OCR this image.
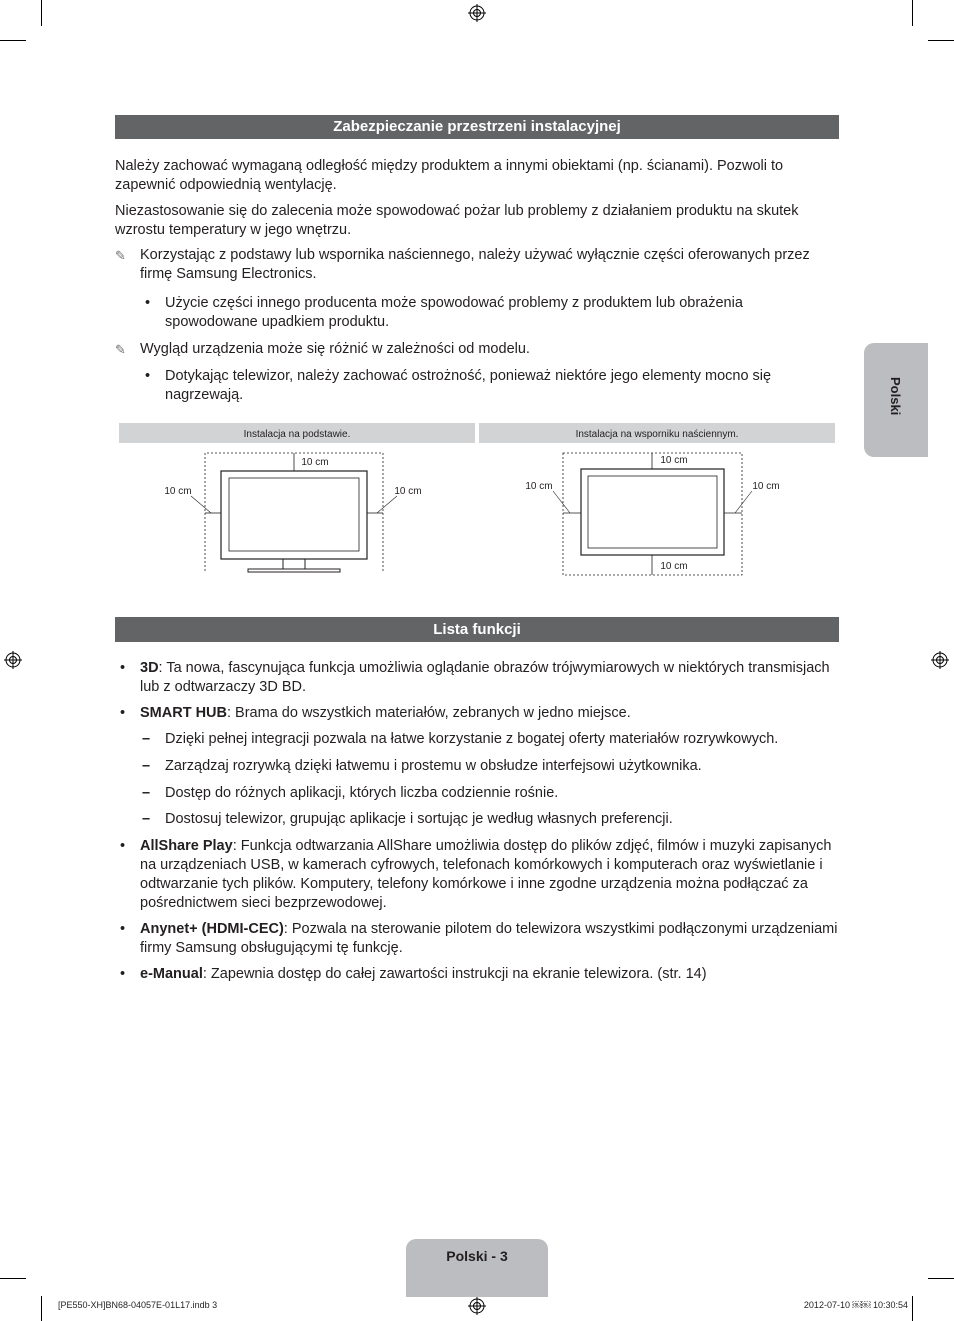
Zabezpieczanie przestrzeni instalacyjnej

Należy zachować wymaganą odległość między produktem a innymi obiektami (np. ścianami). Pozwoli to zapewnić odpowiednią wentylację.

Niezastosowanie się do zalecenia może spowodować pożar lub problemy z działaniem produktu na skutek wzrostu temperatury w jego wnętrzu.

✎ Korzystając z podstawy lub wspornika naściennego, należy używać wyłącznie części oferowanych przez firmę Samsung Electronics.
• Użycie części innego producenta może spowodować problemy z produktem lub obrażenia spowodowane upadkiem produktu.
✎ Wygląd urządzenia może się różnić w zależności od modelu.
• Dotykając telewizor, należy zachować ostrożność, ponieważ niektóre jego elementy mocno się nagrzewają.
Instalacja na podstawie.	Instalacja na wsporniku naściennym.
10 cm
10 cm	10 cm
10 cm
10 cm	10 cm
10 cm
Lista funkcji
• 3D: Ta nowa, fascynująca funkcja umożliwia oglądanie obrazów trójwymiarowych w niektórych transmisjach lub z odtwarzaczy 3D BD.
• SMART HUB: Brama do wszystkich materiałów, zebranych w jedno miejsce.
– Dzięki pełnej integracji pozwala na łatwe korzystanie z bogatej oferty materiałów rozrywkowych.
– Zarządzaj rozrywką dzięki łatwemu i prostemu w obsłudze interfejsowi użytkownika.
– Dostęp do różnych aplikacji, których liczba codziennie rośnie.
– Dostosuj telewizor, grupując aplikacje i sortując je według własnych preferencji.
• AllShare Play: Funkcja odtwarzania AllShare umożliwia dostęp do plików zdjęć, filmów i muzyki zapisanych na urządzeniach USB, w kamerach cyfrowych, telefonach komórkowych i komputerach oraz wyświetlanie i odtwarzanie tych plików. Komputery, telefony komórkowe i inne zgodne urządzenia można podłączać za pośrednictwem sieci bezprzewodowej.
• Anynet+ (HDMI-CEC): Pozwala na sterowanie pilotem do telewizora wszystkimi podłączonymi urządzeniami firmy Samsung obsługującymi tę funkcję.
• e-Manual: Zapewnia dostęp do całej zawartości instrukcji na ekranie telewizora. (str. 14)
Polski
Polski - 3
[PE550-XH]BN68-04057E-01L17.indb 3	2012-07-10 ￼￼ 10:30:54
